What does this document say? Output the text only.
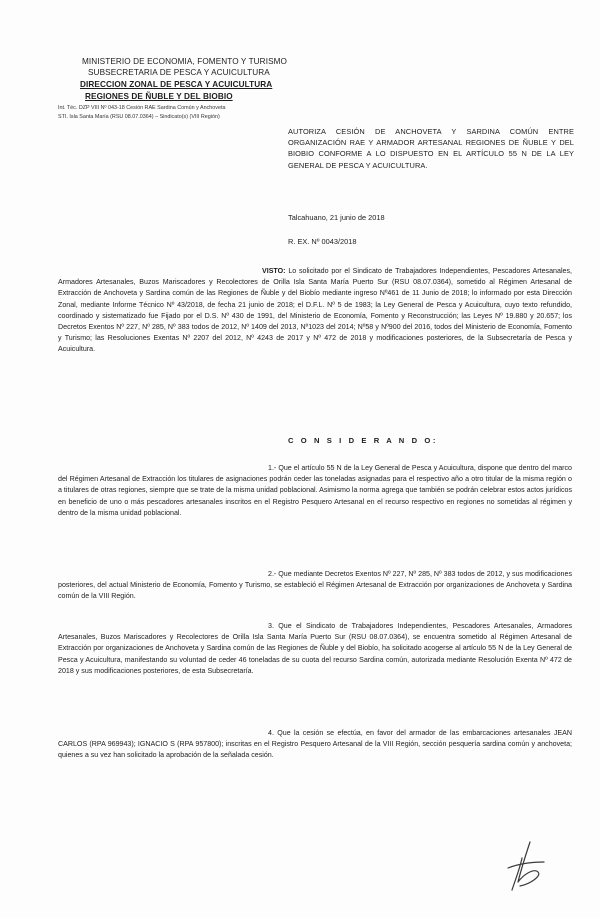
MINISTERIO DE ECONOMIA, FOMENTO Y TURISMO
SUBSECRETARIA DE PESCA Y ACUICULTURA
DIRECCION ZONAL DE PESCA Y ACUICULTURA
REGIONES DE ÑUBLE Y DEL BIOBIO
Int. Téc. DZP VIII Nº 043-18 Cesión RAE Sardina Común y Anchoveta
STI. Isla Santa María (RSU 08.07.0364) – Sindicato(s) (VIII Región)
AUTORIZA CESIÓN DE ANCHOVETA Y SARDINA COMÚN ENTRE ORGANIZACIÓN RAE Y ARMADOR ARTESANAL REGIONES DE ÑUBLE Y DEL BIOBIO CONFORME A LO DISPUESTO EN EL ARTÍCULO 55 N DE LA LEY GENERAL DE PESCA Y ACUICULTURA.
Talcahuano, 21 junio de 2018
R. EX. Nº 0043/2018
VISTO: Lo solicitado por el Sindicato de Trabajadores Independientes, Pescadores Artesanales, Armadores Artesanales, Buzos Mariscadores y Recolectores de Orilla Isla Santa María Puerto Sur (RSU 08.07.0364), sometido al Régimen Artesanal de Extracción de Anchoveta y Sardina común de las Regiones de Ñuble y del Biobío mediante ingreso Nº461 de 11 Junio de 2018; lo informado por esta Dirección Zonal, mediante Informe Técnico Nº 43/2018, de fecha 21 junio de 2018; el D.F.L. Nº 5 de 1983; la Ley General de Pesca y Acuicultura, cuyo texto refundido, coordinado y sistematizado fue Fijado por el D.S. Nº 430 de 1991, del Ministerio de Economía, Fomento y Reconstrucción; las Leyes Nº 19.880 y 20.657; los Decretos Exentos Nº 227, Nº 285, Nº 383 todos de 2012, Nº 1409 del 2013, Nº1023 del 2014; Nº58 y Nº900 del 2016, todos del Ministerio de Economía, Fomento y Turismo; las Resoluciones Exentas Nº 2207 del 2012, Nº 4243 de 2017 y Nº 472 de 2018 y modificaciones posteriores, de la Subsecretaría de Pesca y Acuicultura.
C O N S I D E R A N D O:
1.- Que el artículo 55 N de la Ley General de Pesca y Acuicultura, dispone que dentro del marco del Régimen Artesanal de Extracción los titulares de asignaciones podrán ceder las toneladas asignadas para el respectivo año a otro titular de la misma región o a titulares de otras regiones, siempre que se trate de la misma unidad poblacional. Asimismo la norma agrega que también se podrán celebrar estos actos jurídicos en beneficio de uno o más pescadores artesanales inscritos en el Registro Pesquero Artesanal en el recurso respectivo en regiones no sometidas al régimen y dentro de la misma unidad poblacional.
2.- Que mediante Decretos Exentos Nº 227, Nº 285, Nº 383 todos de 2012, y sus modificaciones posteriores, del actual Ministerio de Economía, Fomento y Turismo, se estableció el Régimen Artesanal de Extracción por organizaciones de Anchoveta y Sardina común de la VIII Región.
3. Que el Sindicato de Trabajadores Independientes, Pescadores Artesanales, Armadores Artesanales, Buzos Mariscadores y Recolectores de Orilla Isla Santa María Puerto Sur (RSU 08.07.0364), se encuentra sometido al Régimen Artesanal de Extracción por organizaciones de Anchoveta y Sardina común de las Regiones de Ñuble y del Biobío, ha solicitado acogerse al artículo 55 N de la Ley General de Pesca y Acuicultura, manifestando su voluntad de ceder 46 toneladas de su cuota del recurso Sardina común, autorizada mediante Resolución Exenta Nº 472 de 2018 y sus modificaciones posteriores, de esta Subsecretaría.
4. Que la cesión se efectúa, en favor del armador de las embarcaciones artesanales JEAN CARLOS (RPA 969943); IGNACIO S (RPA 957800); inscritas en el Registro Pesquero Artesanal de la VIII Región, sección pesquería sardina común y anchoveta; quienes a su vez han solicitado la aprobación de la señalada cesión.
